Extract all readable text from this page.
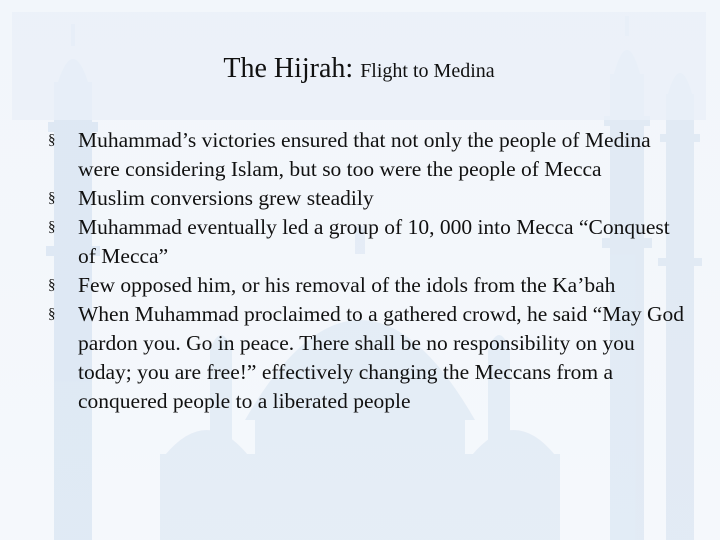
The Hijrah: Flight to Medina
§	Muhammad’s victories ensured that not only the people of Medina were considering Islam, but so too were the people of Mecca
§	Muslim conversions grew steadily
§	Muhammad eventually led a group of 10, 000 into Mecca “Conquest of Mecca”
§	Few opposed him, or his removal of the idols from the Ka’bah
§	When Muhammad proclaimed to a gathered crowd, he said “May God pardon you. Go in peace. There shall be no responsibility on you today; you are free!” effectively changing the Meccans from a conquered people to a liberated people
